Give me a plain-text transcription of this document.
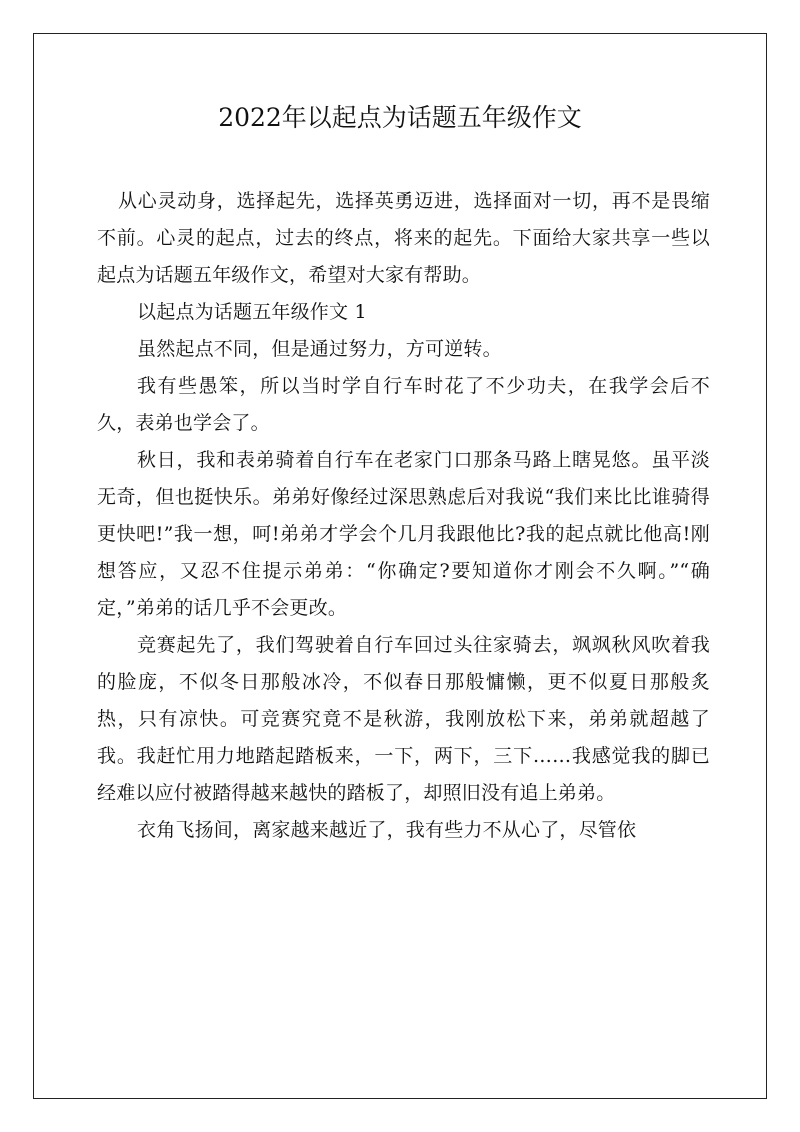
2022年以起点为话题五年级作文

从心灵动身，选择起先，选择英勇迈进，选择面对一切，再不是畏缩不前。心灵的起点，过去的终点，将来的起先。下面给大家共享一些以起点为话题五年级作文，希望对大家有帮助。

以起点为话题五年级作文 1

虽然起点不同，但是通过努力，方可逆转。

我有些愚笨，所以当时学自行车时花了不少功夫，在我学会后不久，表弟也学会了。

秋日，我和表弟骑着自行车在老家门口那条马路上瞎晃悠。虽平淡无奇，但也挺快乐。弟弟好像经过深思熟虑后对我说“我们来比比谁骑得更快吧!”我一想，呵!弟弟才学会个几月我跟他比?我的起点就比他高!刚想答应，又忍不住提示弟弟：“你确定?要知道你才刚会不久啊。”“确定，”弟弟的话几乎不会更改。

竞赛起先了，我们驾驶着自行车回过头往家骑去，飒飒秋风吹着我的脸庞，不似冬日那般冰冷，不似春日那般慵懒，更不似夏日那般炙热，只有凉快。可竞赛究竟不是秋游，我刚放松下来，弟弟就超越了我。我赶忙用力地踏起踏板来，一下，两下，三下……我感觉我的脚已经难以应付被踏得越来越快的踏板了，却照旧没有追上弟弟。

衣角飞扬间，离家越来越近了，我有些力不从心了，尽管依
